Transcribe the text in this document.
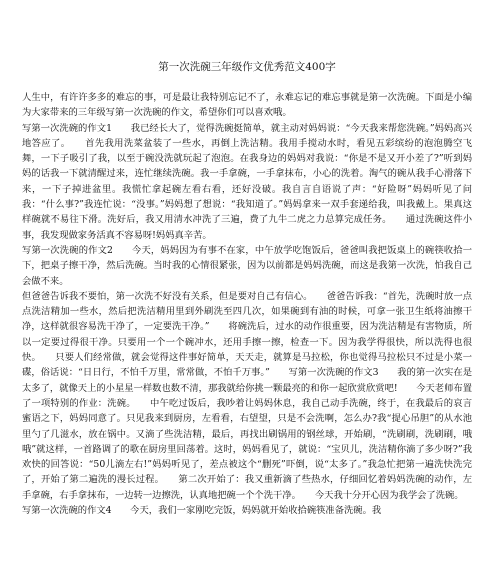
第一次洗碗三年级作文优秀范文400字

人生中，有许许多多的难忘的事，可是最让我特别忘记不了，永难忘记的难忘事就是第一次洗碗。下面是小编为大家带来的三年级写第一次洗碗的作文，希望你们可以喜欢哦。

写第一次洗碗的作文1　　我已经长大了，觉得洗碗挺简单，就主动对妈妈说：“今天我来帮您洗碗。”妈妈高兴地答应了。　　首先我用洗菜盆装了一些水，再倒上洗洁精。我用手搅动水时，看见五彩缤纷的泡泡腾空飞舞，一下子吸引了我，以至于碗没洗就玩起了泡泡。在我身边的妈妈对我说：“你是不是又开小差了?”听到妈妈的话我一下就清醒过来，连忙继续洗碗。我一手拿碗，一手拿抹布，小心的洗着。淘气的碗从我手心滑落下来，一下子掉进盆里。我慌忙拿起碗左看右看，还好没破。我自言自语说了声：“好险呀”妈妈听见了问我：“什么事?”我连忙说：“没事。”妈妈想了想说：“我知道了。”妈妈拿来一双手套递给我，叫我戴上。果真这样碗就不易往下滑。洗好后，我又用清水冲洗了三遍，费了九牛二虎之力总算完成任务。　　通过洗碗这件小事，我发现做家务活真不容易呀!妈妈真辛苦。

写第一次洗碗的作文2　　今天，妈妈因为有事不在家，中午放学吃饱饭后，爸爸叫我把饭桌上的碗筷收拾一下，把桌子擦干净，然后洗碗。当时我的心情很紧张，因为以前都是妈妈洗碗，而这是我第一次洗，怕我自己会做不来。

但爸爸告诉我不要怕，第一次洗不好没有关系，但是要对自己有信心。　　爸爸告诉我：“首先，洗碗时放一点点洗洁精加一些水，然后把洗洁精用里到外刷洗至四几次，如果碗到有油的时候，可拿一张卫生纸将油擦干净，这样就很容易洗干净了，一定要洗干净。”　　将碗洗后，过水的动作很重要，因为洗洁精是有害物质，所以一定要过得很干净。只要用一个一个碗冲水，还用手擦一擦，检查一下。因为我学得很快，所以洗得也很快。　　只要人们经常做，就会觉得这件事好简单，天天走，就算是马拉松，你也觉得马拉松只不过是小菜一碟，俗话说：“日日行，不怕千万里，常常做，不怕千万事。”　　写第一次洗碗的作文3　　我的第一次实在是太多了，就像天上的小星星一样数也数不清，那我就给你挑一颗最亮的和你一起欣赏欣赏吧!　　今天老师布置了一项特别的作业：洗碗。　　中午吃过饭后，我吵着让妈妈休息，我自己动手洗碗，终于，在我最后的哀言蜜语之下，妈妈同意了。只见我来到厨房，左看看，右望望，只是不会洗啊，怎么办?我“提心吊胆”的从水池里勺了几滋水，放在锅中。又滴了些洗洁精，最后，再找出刷锅用的钢丝球，开始刷，“洗刷刷，洗刷刷，哦哦”就这样，一首路调了的歌在厨房里回荡着。这时，妈妈看见了，就说：“宝贝儿，洗洁精你滴了多少呀?”我欢快的回答说：“50儿滴左右!”妈妈听见了，差点被这个“删死”吓倒，说“太多了。”我急忙把第一遍洗快洗完了，开始了第二遍洗的漫长过程。　　第二次开始了：我又重新滴了些热水，仔细回忆着妈妈洗碗的动作，左手拿碗，右手拿抹布，一边转一边擦洗，认真地把碗一个个洗干净。　　今天我十分开心因为我学会了洗碗。

写第一次洗碗的作文4　　今天，我们一家刚吃完饭，妈妈就开始收拾碗筷准备洗碗。我
